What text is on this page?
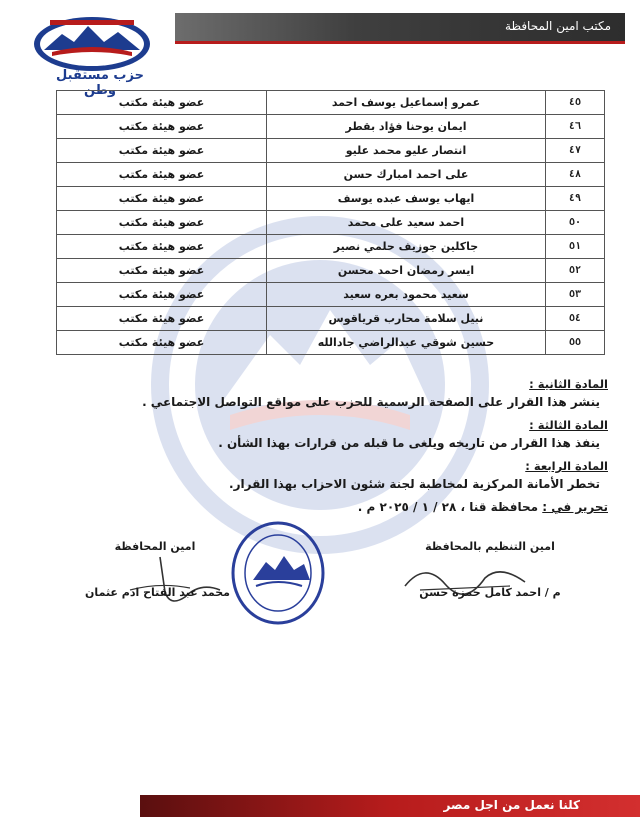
مكتب امين المحافظة
حزب مستقبل وطن
٤٥	عمرو إسماعيل يوسف احمد	عضو هيئة مكتب
٤٦	ايمان يوحنا فؤاد بقطر	عضو هيئة مكتب
٤٧	انتصار عليو محمد عليو	عضو هيئة مكتب
٤٨	على احمد امبارك حسن	عضو هيئة مكتب
٤٩	ايهاب يوسف عبده يوسف	عضو هيئة مكتب
٥٠	احمد سعيد على محمد	عضو هيئة مكتب
٥١	جاكلين جوزيف حلمي نصير	عضو هيئة مكتب
٥٢	ايسر رمضان احمد محسن	عضو هيئة مكتب
٥٣	سعيد محمود بعره سعيد	عضو هيئة مكتب
٥٤	نبيل سلامة محارب قرياقوس	عضو هيئة مكتب
٥٥	حسين شوقي عبدالراضي جادالله	عضو هيئة مكتب
المادة الثانية :
ينشر هذا القرار على الصفحة الرسمية للحزب على مواقع التواصل الاجتماعي .
المادة الثالثة :
ينفذ هذا القرار من تاريخه ويلغى ما قبله من قرارات بهذا الشأن .
المادة الرابعة :
تخطر الأمانة المركزية لمخاطبة لجنة شئون الاحزاب بهذا القرار.
تحرير في : محافظة قنا ، ٢٨ / ١ / ٢٠٢٥ م .
امين التنظيم بالمحافظة
م / احمد كامل حمزة حسن
امين المحافظة
محمد عبد الفتاح ادم عثمان
كلنا نعمل من اجل مصر
